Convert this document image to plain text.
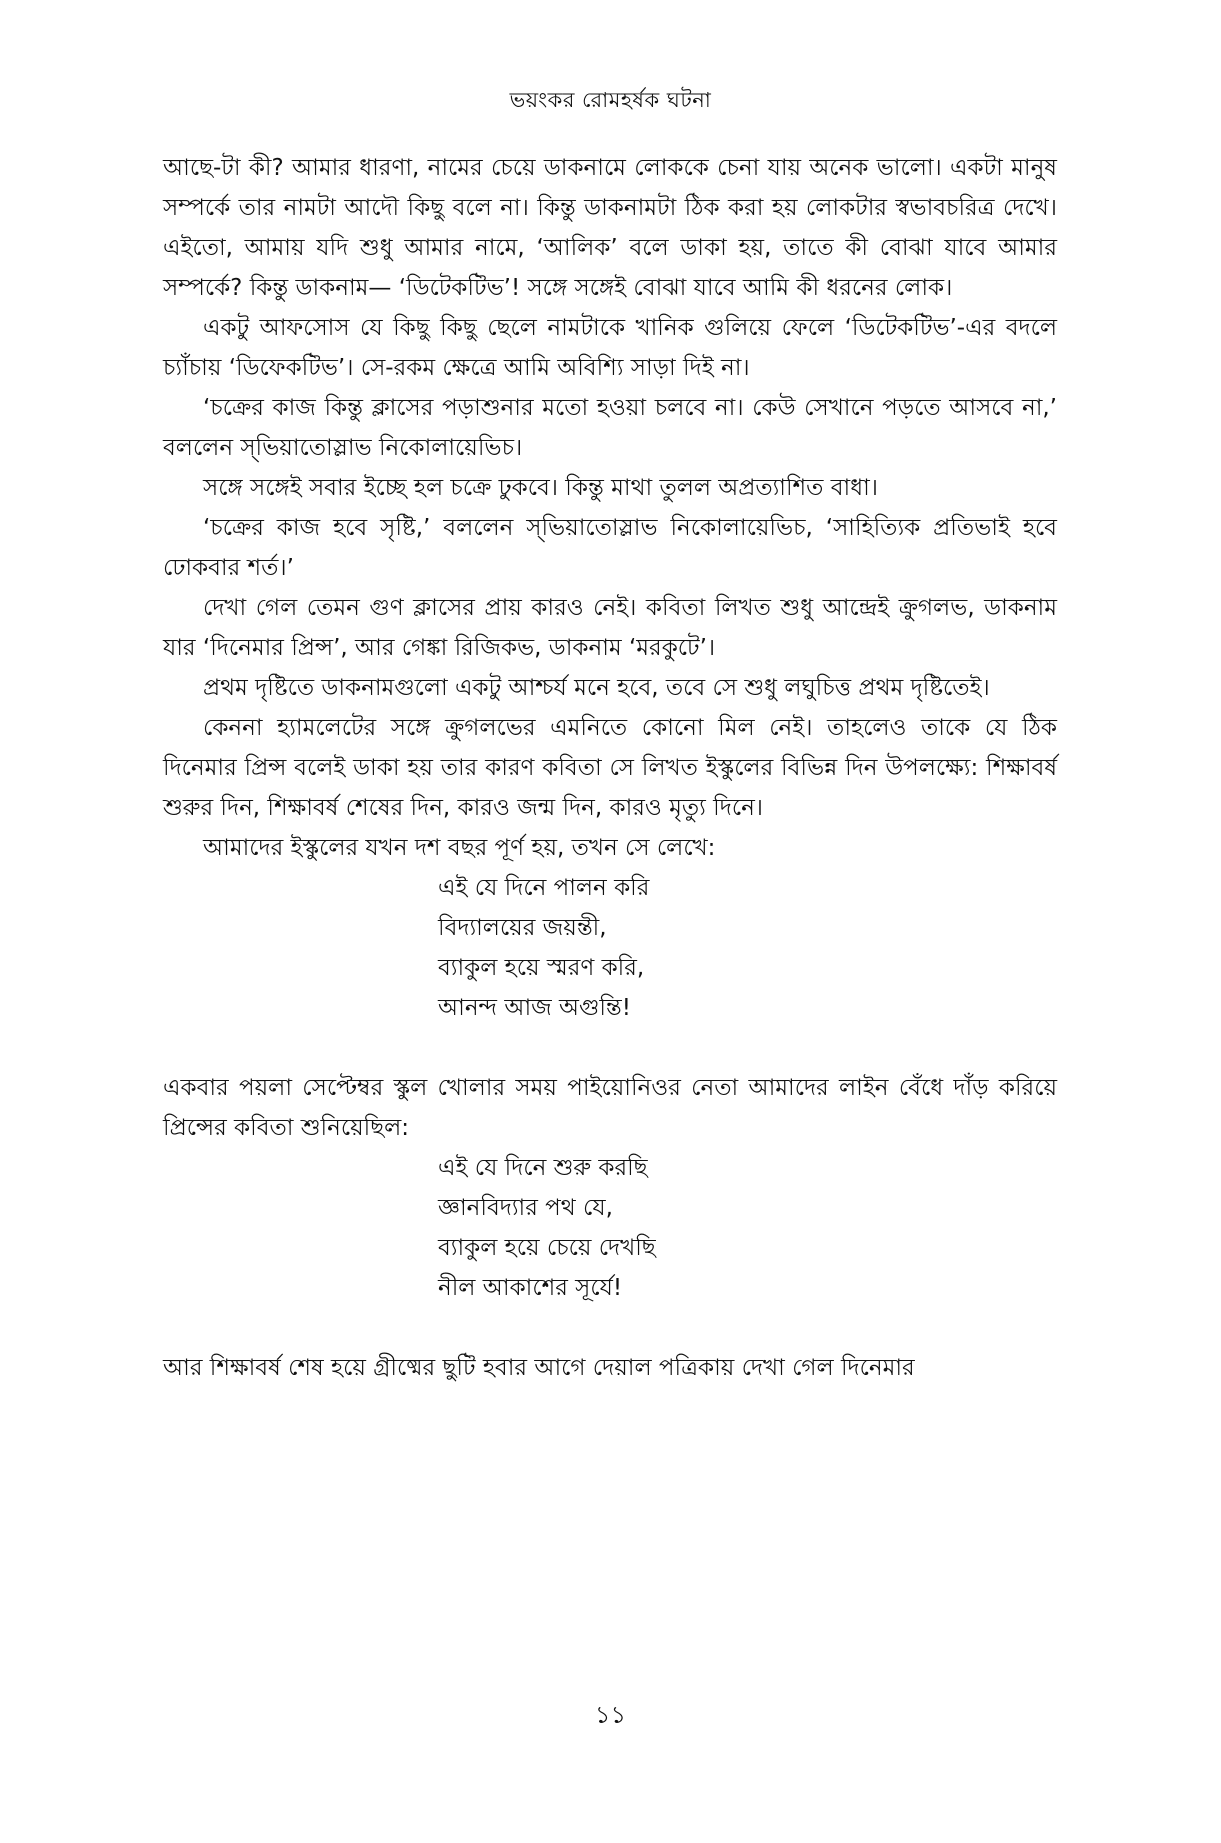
ভয়ংকর রোমহর্ষক ঘটনা

আছে-টা কী? আমার ধারণা, নামের চেয়ে ডাকনামে লোককে চেনা যায় অনেক ভালো। একটা মানুষ সম্পর্কে তার নামটা আদৌ কিছু বলে না। কিন্তু ডাকনামটা ঠিক করা হয় লোকটার স্বভাবচরিত্র দেখে। এইতো, আমায় যদি শুধু আমার নামে, ‘আলিক’ বলে ডাকা হয়, তাতে কী বোঝা যাবে আমার সম্পর্কে? কিন্তু ডাকনাম— ‘ডিটেকটিভ’! সঙ্গে সঙ্গেই বোঝা যাবে আমি কী ধরনের লোক।

একটু আফসোস যে কিছু কিছু ছেলে নামটাকে খানিক গুলিয়ে ফেলে ‘ডিটেকটিভ’-এর বদলে চ্যাঁচায় ‘ডিফেকটিভ’। সে-রকম ক্ষেত্রে আমি অবিশ্যি সাড়া দিই না।

‘চক্রের কাজ কিন্তু ক্লাসের পড়াশুনার মতো হওয়া চলবে না। কেউ সেখানে পড়তে আসবে না,’ বললেন স্‌ভিয়াতোস্লাভ নিকোলায়েভিচ।

সঙ্গে সঙ্গেই সবার ইচ্ছে হল চক্রে ঢুকবে। কিন্তু মাথা তুলল অপ্রত্যাশিত বাধা।

‘চক্রের কাজ হবে সৃষ্টি,’ বললেন স্‌ভিয়াতোস্লাভ নিকোলায়েভিচ, ‘সাহিত্যিক প্রতিভাই হবে ঢোকবার শর্ত।’

দেখা গেল তেমন গুণ ক্লাসের প্রায় কারও নেই। কবিতা লিখত শুধু আন্দ্রেই ক্রুগলভ, ডাকনাম যার ‘দিনেমার প্রিন্স’, আর গেঙ্কা রিজিকভ, ডাকনাম ‘মরকুটে’।

প্রথম দৃষ্টিতে ডাকনামগুলো একটু আশ্চর্য মনে হবে, তবে সে শুধু লঘুচিত্ত প্রথম দৃষ্টিতেই।

কেননা হ্যামলেটের সঙ্গে ক্রুগলভের এমনিতে কোনো মিল নেই। তাহলেও তাকে যে ঠিক দিনেমার প্রিন্স বলেই ডাকা হয় তার কারণ কবিতা সে লিখত ইস্কুলের বিভিন্ন দিন উপলক্ষ্যে: শিক্ষাবর্ষ শুরুর দিন, শিক্ষাবর্ষ শেষের দিন, কারও জন্ম দিন, কারও মৃত্যু দিনে।

আমাদের ইস্কুলের যখন দশ বছর পূর্ণ হয়, তখন সে লেখে:

এই যে দিনে পালন করি
বিদ্যালয়ের জয়ন্তী,
ব্যাকুল হয়ে স্মরণ করি,
আনন্দ আজ অগুন্তি!

একবার পয়লা সেপ্টেম্বর স্কুল খোলার সময় পাইয়োনিওর নেতা আমাদের লাইন বেঁধে দাঁড় করিয়ে প্রিন্সের কবিতা শুনিয়েছিল:

এই যে দিনে শুরু করছি
জ্ঞানবিদ্যার পথ যে,
ব্যাকুল হয়ে চেয়ে দেখছি
নীল আকাশের সূর্যে!

আর শিক্ষাবর্ষ শেষ হয়ে গ্রীষ্মের ছুটি হবার আগে দেয়াল পত্রিকায় দেখা গেল দিনেমার

১১
